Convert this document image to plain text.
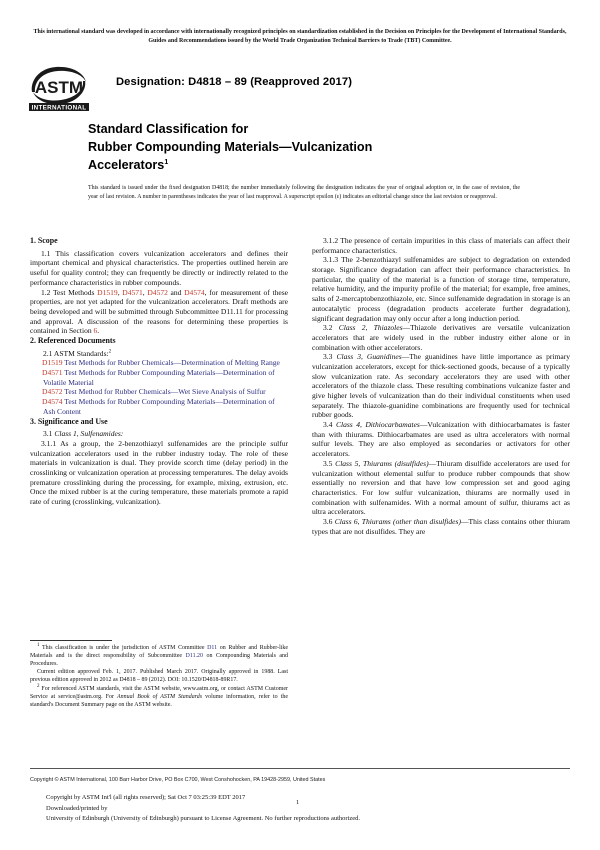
This international standard was developed in accordance with internationally recognized principles on standardization established in the Decision on Principles for the Development of International Standards, Guides and Recommendations issued by the World Trade Organization Technical Barriers to Trade (TBT) Committee.
ASTM
INTERNATIONAL
Designation: D4818 – 89 (Reapproved 2017)
Standard Classification for
Rubber Compounding Materials—Vulcanization
Accelerators$^1$
This standard is issued under the fixed designation D4818; the number immediately following the designation indicates the year of original adoption or, in the case of revision, the year of last revision. A number in parentheses indicates the year of last reapproval. A superscript epsilon (ε) indicates an editorial change since the last revision or reapproval.
1. Scope

1.1 This classification covers vulcanization accelerators and defines their important chemical and physical characteristics. The properties outlined herein are useful for quality control; they can frequently be directly or indirectly related to the performance characteristics in rubber compounds.

1.2 Test Methods D1519, D4571, D4572 and D4574, for measurement of these properties, are not yet adapted for the vulcanization accelerators. Draft methods are being developed and will be submitted through Subcommittee D11.11 for processing and approval. A discussion of the reasons for determining these properties is contained in Section 6.

2. Referenced Documents

2.1 ASTM Standards:$^2$

D1519 Test Methods for Rubber Chemicals—Determination of Melting Range

D4571 Test Methods for Rubber Compounding Materials—Determination of Volatile Material

D4572 Test Method for Rubber Chemicals—Wet Sieve Analysis of Sulfur

D4574 Test Methods for Rubber Compounding Materials—Determination of Ash Content

3. Significance and Use

3.1 Class 1, Sulfenamides:

3.1.1 As a group, the 2-benzothiazyl sulfenamides are the principle sulfur vulcanization accelerators used in the rubber industry today. The role of these materials in vulcanization is dual. They provide scorch time (delay period) in the crosslinking or vulcanization operation at processing temperatures. The delay avoids premature crosslinking during the processing, for example, mixing, extrusion, etc. Once the mixed rubber is at the curing temperature, these materials promote a rapid rate of curing (crosslinking, vulcanization).

3.1.2 The presence of certain impurities in this class of materials can affect their performance characteristics.

3.1.3 The 2-benzothiazyl sulfenamides are subject to degradation on extended storage. Significance degradation can affect their performance characteristics. In particular, the quality of the material is a function of storage time, temperature, relative humidity, and the impurity profile of the material; for example, free amines, salts of 2-mercaptobenzothiazole, etc. Since sulfenamide degradation in storage is an autocatalytic process (degradation products accelerate further degradation), significant degradation may only occur after a long induction period.

3.2 Class 2, Thiazoles—Thiazole derivatives are versatile vulcanization accelerators that are widely used in the rubber industry either alone or in combination with other accelerators.

3.3 Class 3, Guanidines—The guanidines have little importance as primary vulcanization accelerators, except for thick-sectioned goods, because of a typically slow vulcanization rate. As secondary accelerators they are used with other accelerators of the thiazole class. These resulting combinations vulcanize faster and give higher levels of vulcanization than do their individual constituents when used separately. The thiazole-guanidine combinations are frequently used for technical rubber goods.

3.4 Class 4, Dithiocarbamates—Vulcanization with dithiocarbamates is faster than with thiurams. Dithiocarbamates are used as ultra accelerators with normal sulfur levels. They are also employed as secondaries or activators for other accelerators.

3.5 Class 5, Thiurams (disulfides)—Thiuram disulfide accelerators are used for vulcanization without elemental sulfur to produce rubber compounds that show essentially no reversion and that have low compression set and good aging characteristics. For low sulfur vulcanization, thiurams are normally used in combination with sulfenamides. With a normal amount of sulfur, thiurams act as ultra accelerators.

3.6 Class 6, Thiurams (other than disulfides)—This class contains other thiuram types that are not disulfides. They are

$^1$ This classification is under the jurisdiction of ASTM Committee D11 on Rubber and Rubber-like Materials and is the direct responsibility of Subcommittee D11.20 on Compounding Materials and Procedures.

Current edition approved Feb. 1, 2017. Published March 2017. Originally approved in 1988. Last previous edition approved in 2012 as D4818 – 89 (2012). DOI: 10.1520/D4818-89R17.

$^2$ For referenced ASTM standards, visit the ASTM website, www.astm.org, or contact ASTM Customer Service at service@astm.org. For Annual Book of ASTM Standards volume information, refer to the standard's Document Summary page on the ASTM website.

Copyright © ASTM International, 100 Barr Harbor Drive, PO Box C700, West Conshohocken, PA 19428-2959, United States
Copyright by ASTM Int'l (all rights reserved); Sat Oct 7 03:25:39 EDT 2017
Downloaded/printed by
University of Edinburgh (University of Edinburgh) pursuant to License Agreement. No further reproductions authorized.
1
